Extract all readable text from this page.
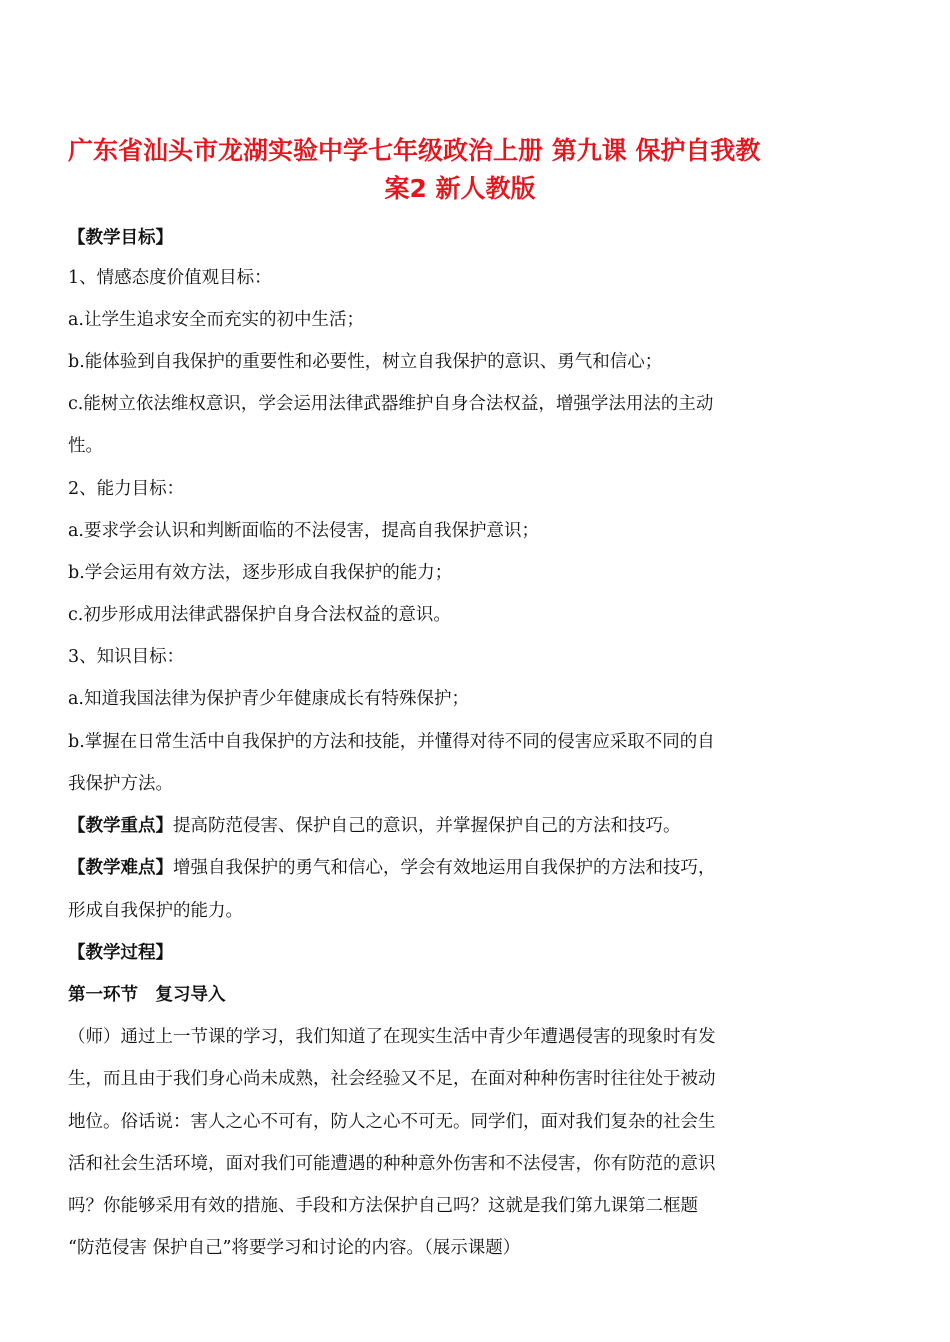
广东省汕头市龙湖实验中学七年级政治上册 第九课 保护自我教
案2 新人教版
【教学目标】
1、情感态度价值观目标：
a.让学生追求安全而充实的初中生活；
b.能体验到自我保护的重要性和必要性，树立自我保护的意识、勇气和信心；
c.能树立依法维权意识，学会运用法律武器维护自身合法权益，增强学法用法的主动
性。
2、能力目标：
a.要求学会认识和判断面临的不法侵害，提高自我保护意识；
b.学会运用有效方法，逐步形成自我保护的能力；
c.初步形成用法律武器保护自身合法权益的意识。
3、知识目标：
a.知道我国法律为保护青少年健康成长有特殊保护；
b.掌握在日常生活中自我保护的方法和技能，并懂得对待不同的侵害应采取不同的自
我保护方法。
【教学重点】提高防范侵害、保护自己的意识，并掌握保护自己的方法和技巧。
【教学难点】增强自我保护的勇气和信心，学会有效地运用自我保护的方法和技巧，
形成自我保护的能力。
【教学过程】
第一环节　复习导入
（师）通过上一节课的学习，我们知道了在现实生活中青少年遭遇侵害的现象时有发
生，而且由于我们身心尚未成熟，社会经验又不足，在面对种种伤害时往往处于被动
地位。俗话说：害人之心不可有，防人之心不可无。同学们，面对我们复杂的社会生
活和社会生活环境，面对我们可能遭遇的种种意外伤害和不法侵害，你有防范的意识
吗？你能够采用有效的措施、手段和方法保护自己吗？这就是我们第九课第二框题
“防范侵害 保护自己”将要学习和讨论的内容。（展示课题）
